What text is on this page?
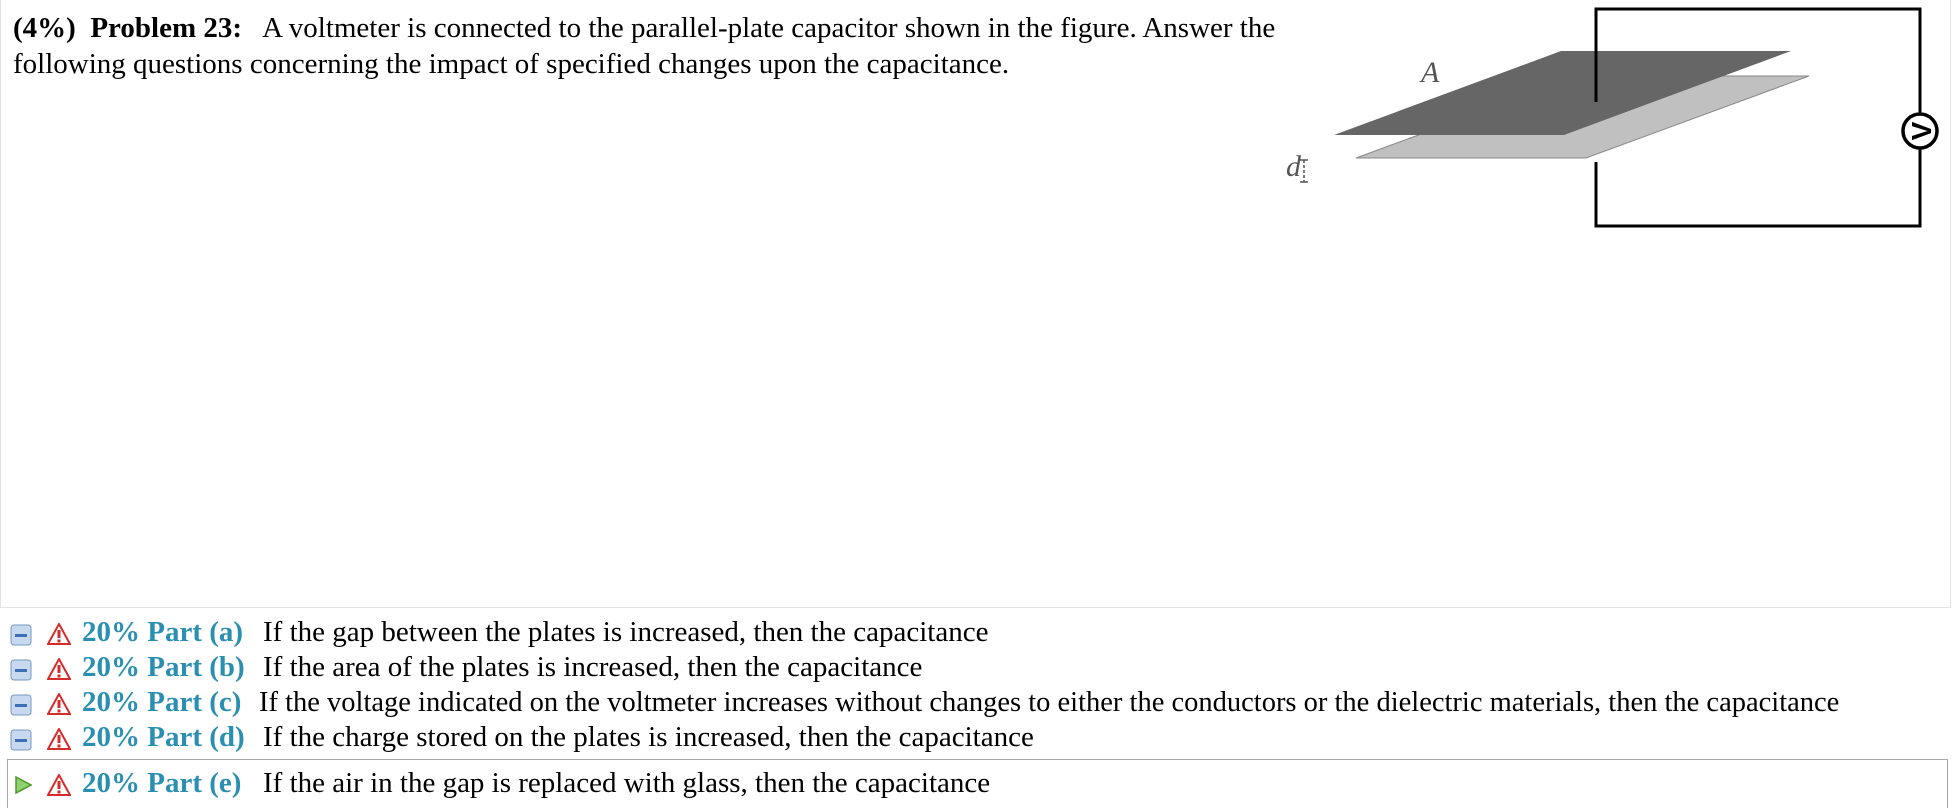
(4%) Problem 23: A voltmeter is connected to the parallel-plate capacitor shown in the figure. Answer the following questions concerning the impact of specified changes upon the capacitance.
V
A
d
20% Part (a) If the gap between the plates is increased, then the capacitance
20% Part (b) If the area of the plates is increased, then the capacitance
20% Part (c) If the voltage indicated on the voltmeter increases without changes to either the conductors or the dielectric materials, then the capacitance
20% Part (d) If the charge stored on the plates is increased, then the capacitance
20% Part (e) If the air in the gap is replaced with glass, then the capacitance
